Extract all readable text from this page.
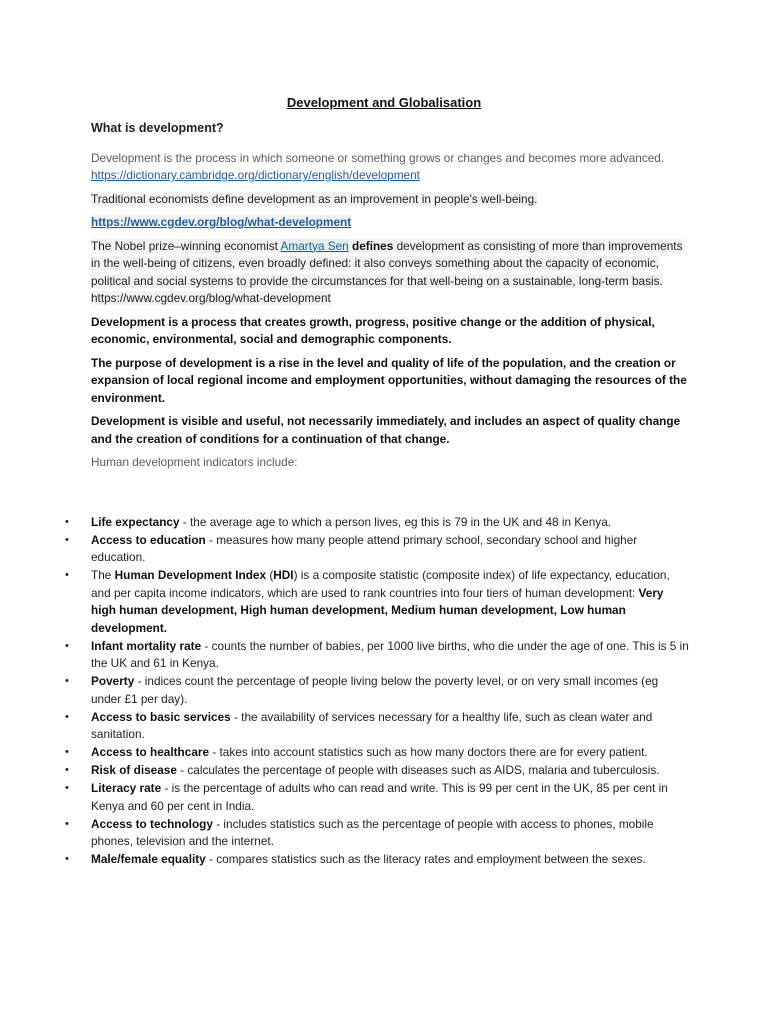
Development and Globalisation
What is development?
Development is the process in which someone or something grows or changes and becomes more advanced. https://dictionary.cambridge.org/dictionary/english/development
Traditional economists define development as an improvement in people's well-being.
https://www.cgdev.org/blog/what-development
The Nobel prize–winning economist Amartya Sen defines development as consisting of more than improvements in the well-being of citizens, even broadly defined: it also conveys something about the capacity of economic, political and social systems to provide the circumstances for that well-being on a sustainable, long-term basis. https://www.cgdev.org/blog/what-development
Development is a process that creates growth, progress, positive change or the addition of physical, economic, environmental, social and demographic components.
The purpose of development is a rise in the level and quality of life of the population, and the creation or expansion of local regional income and employment opportunities, without damaging the resources of the environment.
Development is visible and useful, not necessarily immediately, and includes an aspect of quality change and the creation of conditions for a continuation of that change.
Human development indicators include:
• Life expectancy - the average age to which a person lives, eg this is 79 in the UK and 48 in Kenya.
• Access to education - measures how many people attend primary school, secondary school and higher education.
• The Human Development Index (HDI) is a composite statistic (composite index) of life expectancy, education, and per capita income indicators, which are used to rank countries into four tiers of human development: Very high human development, High human development, Medium human development, Low human development.
• Infant mortality rate - counts the number of babies, per 1000 live births, who die under the age of one. This is 5 in the UK and 61 in Kenya.
• Poverty - indices count the percentage of people living below the poverty level, or on very small incomes (eg under £1 per day).
• Access to basic services - the availability of services necessary for a healthy life, such as clean water and sanitation.
• Access to healthcare - takes into account statistics such as how many doctors there are for every patient.
• Risk of disease - calculates the percentage of people with diseases such as AIDS, malaria and tuberculosis.
• Literacy rate - is the percentage of adults who can read and write. This is 99 per cent in the UK, 85 per cent in Kenya and 60 per cent in India.
• Access to technology - includes statistics such as the percentage of people with access to phones, mobile phones, television and the internet.
• Male/female equality - compares statistics such as the literacy rates and employment between the sexes.
